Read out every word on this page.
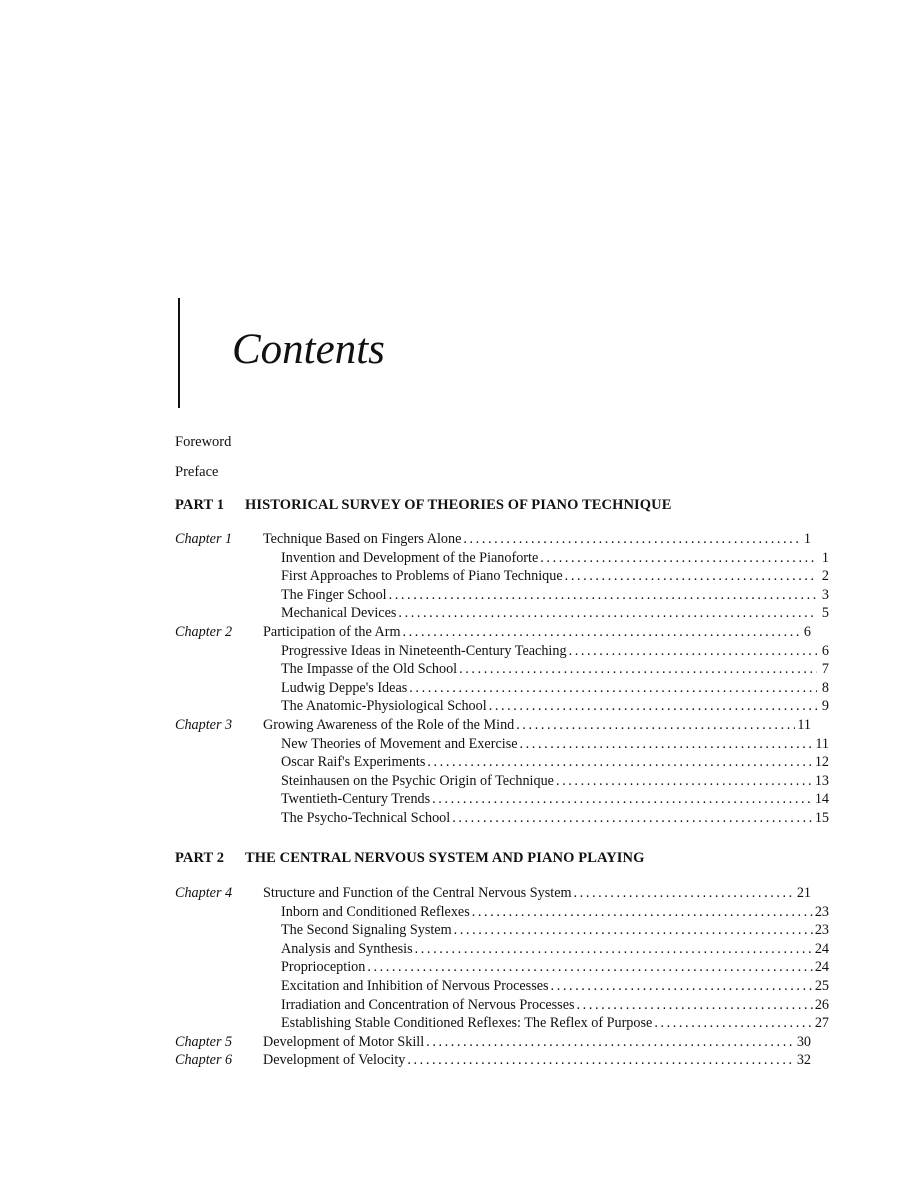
Contents
Foreword
Preface
PART 1 HISTORICAL SURVEY OF THEORIES OF PIANO TECHNIQUE
Chapter 1 Technique Based on Fingers Alone .....	1
Invention and Development of the Pianoforte .....	1
First Approaches to Problems of Piano Technique .....	2
The Finger School .....	3
Mechanical Devices .....	5
Chapter 2 Participation of the Arm .....	6
Progressive Ideas in Nineteenth-Century Teaching .....	6
The Impasse of the Old School .....	7
Ludwig Deppe's Ideas .....	8
The Anatomic-Physiological School .....	9
Chapter 3 Growing Awareness of the Role of the Mind .....	11
New Theories of Movement and Exercise .....	11
Oscar Raif's Experiments .....	12
Steinhausen on the Psychic Origin of Technique .....	13
Twentieth-Century Trends .....	14
The Psycho-Technical School .....	15
PART 2 THE CENTRAL NERVOUS SYSTEM AND PIANO PLAYING
Chapter 4 Structure and Function of the Central Nervous System .....	21
Inborn and Conditioned Reflexes .....	23
The Second Signaling System .....	23
Analysis and Synthesis .....	24
Proprioception .....	24
Excitation and Inhibition of Nervous Processes .....	25
Irradiation and Concentration of Nervous Processes .....	26
Establishing Stable Conditioned Reflexes: The Reflex of Purpose .....	27
Chapter 5 Development of Motor Skill .....	30
Chapter 6 Development of Velocity .....	32
